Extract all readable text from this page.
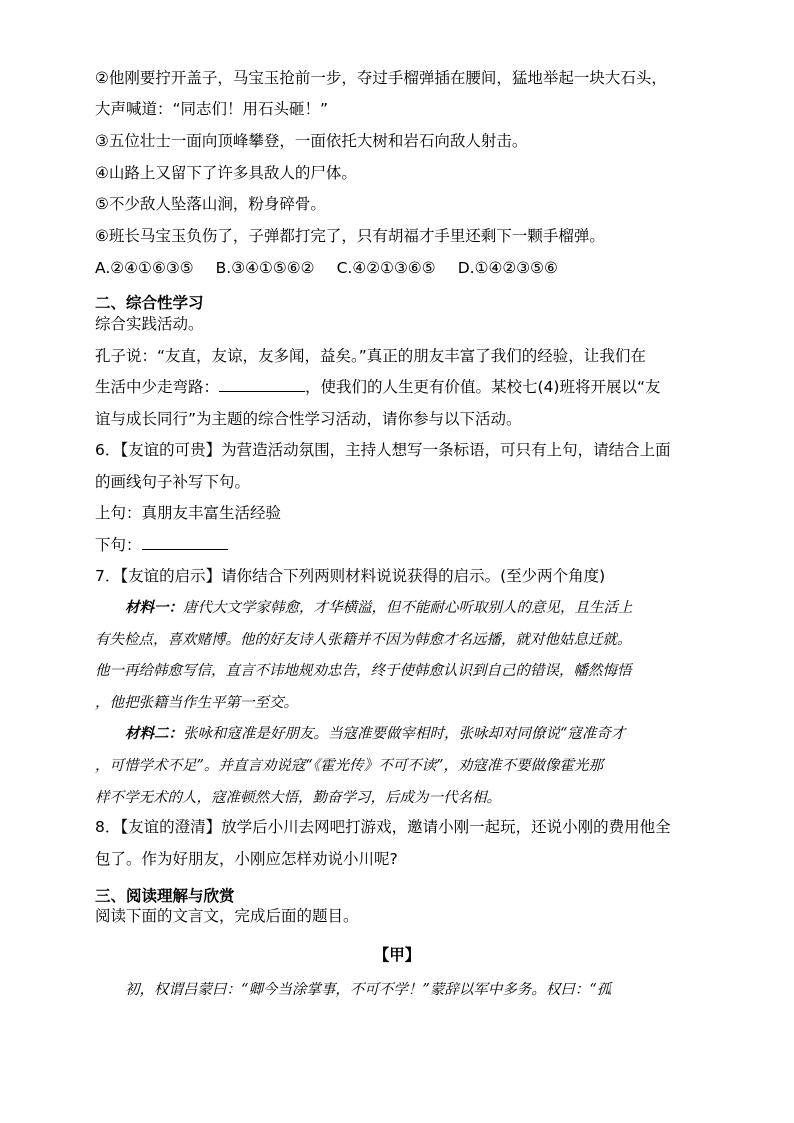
②他刚要拧开盖子，马宝玉抢前一步，夺过手榴弹插在腰间，猛地举起一块大石头，
大声喊道：“同志们！用石头砸！”
③五位壮士一面向顶峰攀登，一面依托大树和岩石向敌人射击。
④山路上又留下了许多具敌人的尸体。
⑤不少敌人坠落山涧，粉身碎骨。
⑥班长马宝玉负伤了，子弹都打完了，只有胡福才手里还剩下一颗手榴弹。
A.②④①⑥③⑤ B.③④①⑤⑥② C.④②①③⑥⑤ D.①④②③⑤⑥
二、综合性学习
综合实践活动。
孔子说：“友直，友谅，友多闻，益矣。”真正的朋友丰富了我们的经验，让我们在
生活中少走弯路：	，使我们的人生更有价值。某校七(4)班将开展以“友
谊与成长同行”为主题的综合性学习活动，请你参与以下活动。
6．【友谊的可贵】为营造活动氛围，主持人想写一条标语，可只有上句，请结合上面
的画线句子补写下句。
上句：真朋友丰富生活经验
下句：
7．【友谊的启示】请你结合下列两则材料说说获得的启示。(至少两个角度)
材料一：唐代大文学家韩愈，才华横溢，但不能耐心听取别人的意见，且生活上
有失检点，喜欢赌博。他的好友诗人张籍并不因为韩愈才名远播，就对他姑息迁就。
他一再给韩愈写信，直言不讳地规劝忠告，终于使韩愈认识到自己的错误，幡然悔悟
，他把张籍当作生平第一至交。
材料二：张咏和寇准是好朋友。当寇准要做宰相时，张咏却对同僚说“寇准奇才
，可惜学术不足”。并直言劝说寇“《霍光传》不可不读”，劝寇准不要做像霍光那
样不学无术的人，寇准顿然大悟，勤奋学习，后成为一代名相。
8．【友谊的澄清】放学后小川去网吧打游戏，邀请小刚一起玩，还说小刚的费用他全
包了。作为好朋友，小刚应怎样劝说小川呢?
三、阅读理解与欣赏
阅读下面的文言文，完成后面的题目。
【甲】
初，权谓吕蒙曰：“卿今当涂掌事，不可不学！”蒙辞以军中多务。权曰：“孤
